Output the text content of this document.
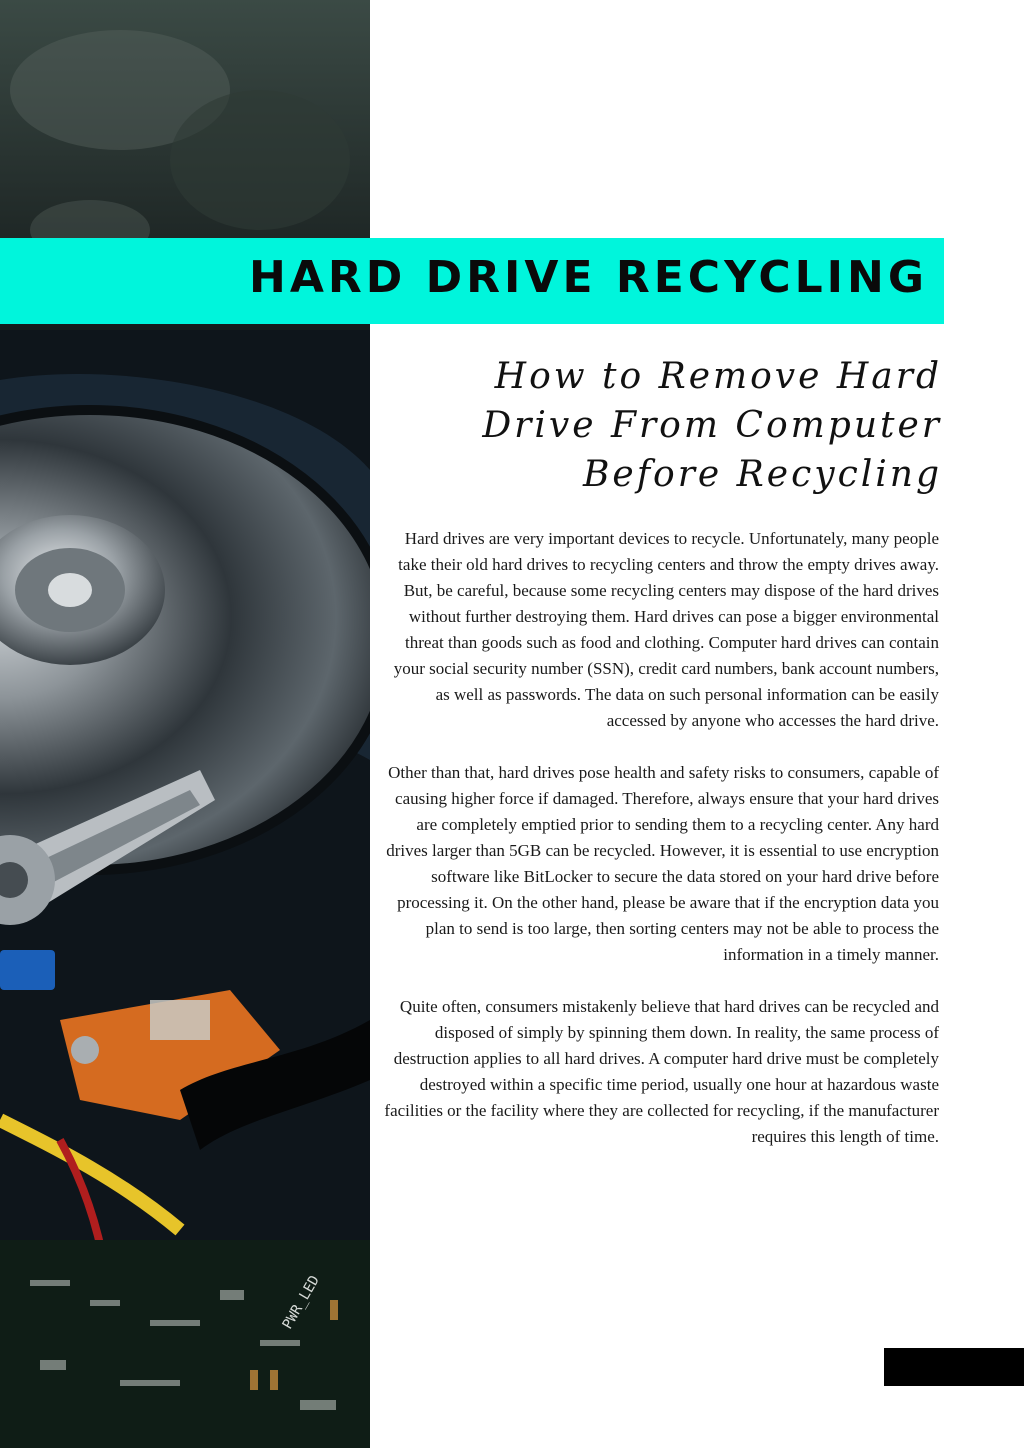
PWR_LED
HARD DRIVE RECYCLING
How to Remove Hard Drive From Computer Before Recycling

Hard drives are very important devices to recycle. Unfortunately, many people take their old hard drives to recycling centers and throw the empty drives away. But, be careful, because some recycling centers may dispose of the hard drives without further destroying them. Hard drives can pose a bigger environmental threat than goods such as food and clothing. Computer hard drives can contain your social security number (SSN), credit card numbers, bank account numbers, as well as passwords. The data on such personal information can be easily accessed by anyone who accesses the hard drive.

Other than that, hard drives pose health and safety risks to consumers, capable of causing higher force if damaged. Therefore, always ensure that your hard drives are completely emptied prior to sending them to a recycling center. Any hard drives larger than 5GB can be recycled. However, it is essential to use encryption software like BitLocker to secure the data stored on your hard drive before processing it. On the other hand, please be aware that if the encryption data you plan to send is too large, then sorting centers may not be able to process the information in a timely manner.

Quite often, consumers mistakenly believe that hard drives can be recycled and disposed of simply by spinning them down. In reality, the same process of destruction applies to all hard drives. A computer hard drive must be completely destroyed within a specific time period, usually one hour at hazardous waste facilities or the facility where they are collected for recycling, if the manufacturer requires this length of time.
